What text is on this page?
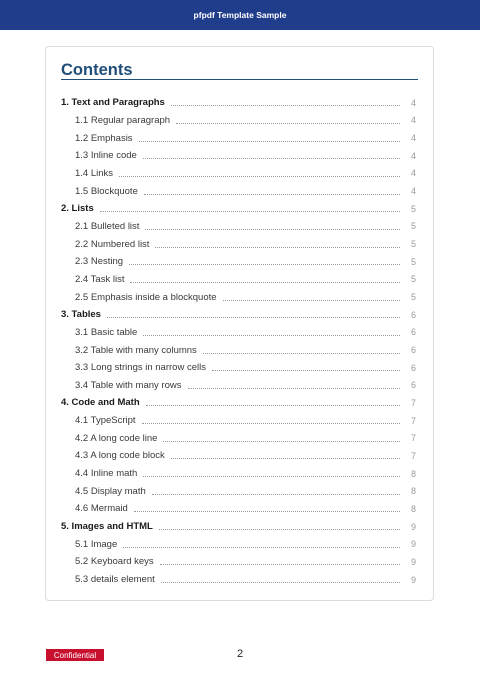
pfpdf Template Sample
Contents
1. Text and Paragraphs	4
1.1 Regular paragraph	4
1.2 Emphasis	4
1.3 Inline code	4
1.4 Links	4
1.5 Blockquote	4
2. Lists	5
2.1 Bulleted list	5
2.2 Numbered list	5
2.3 Nesting	5
2.4 Task list	5
2.5 Emphasis inside a blockquote	5
3. Tables	6
3.1 Basic table	6
3.2 Table with many columns	6
3.3 Long strings in narrow cells	6
3.4 Table with many rows	6
4. Code and Math	7
4.1 TypeScript	7
4.2 A long code line	7
4.3 A long code block	7
4.4 Inline math	8
4.5 Display math	8
4.6 Mermaid	8
5. Images and HTML	9
5.1 Image	9
5.2 Keyboard keys	9
5.3 details element	9
Confidential	2
